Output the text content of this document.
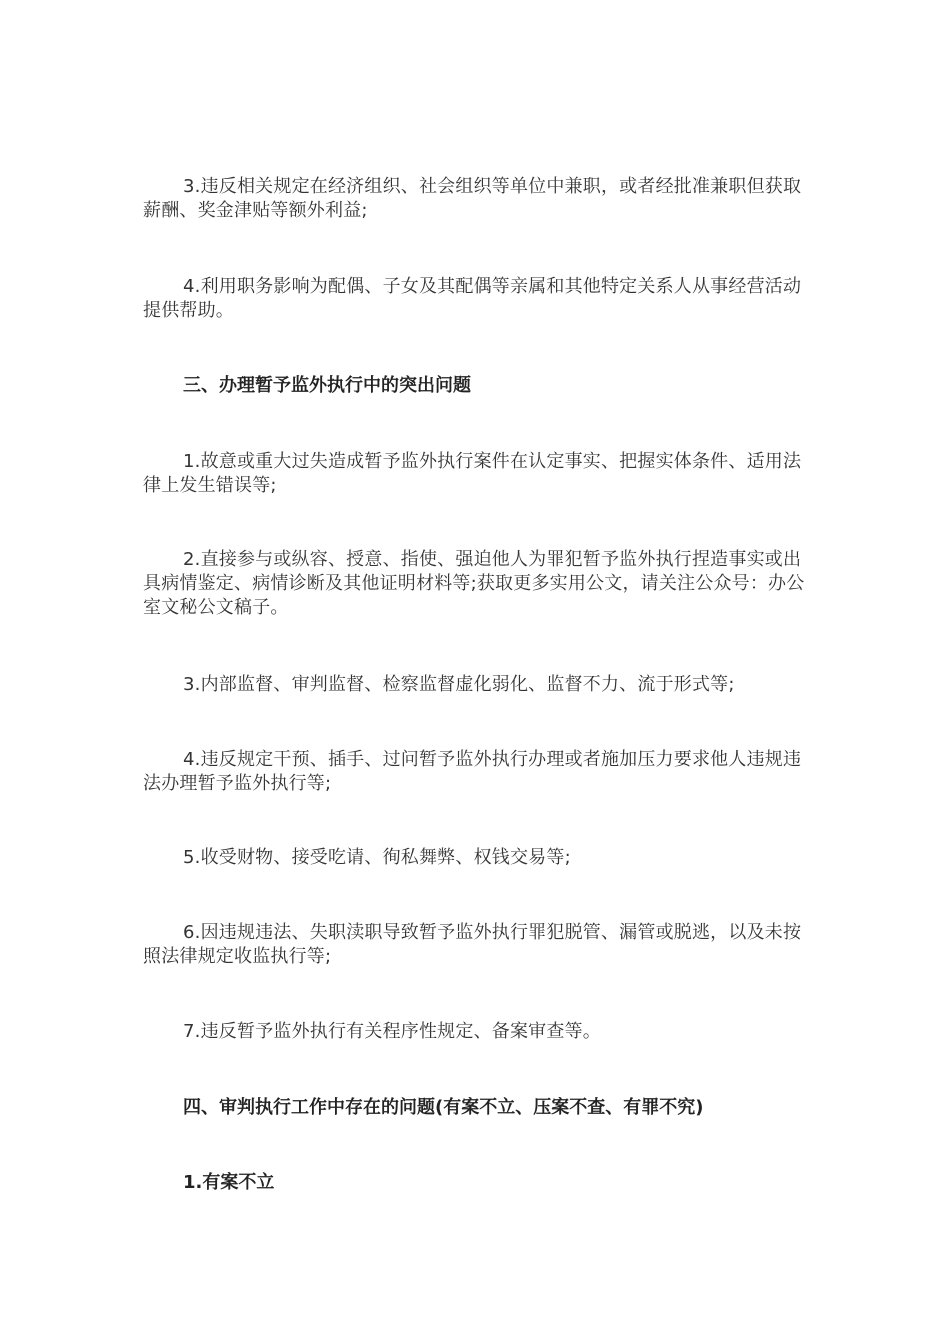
3.违反相关规定在经济组织、社会组织等单位中兼职，或者经批准兼职但获取薪酬、奖金津贴等额外利益;

4.利用职务影响为配偶、子女及其配偶等亲属和其他特定关系人从事经营活动提供帮助。

三、办理暂予监外执行中的突出问题

1.故意或重大过失造成暂予监外执行案件在认定事实、把握实体条件、适用法律上发生错误等;

2.直接参与或纵容、授意、指使、强迫他人为罪犯暂予监外执行捏造事实或出具病情鉴定、病情诊断及其他证明材料等;获取更多实用公文，请关注公众号：办公室文秘公文稿子。

3.内部监督、审判监督、检察监督虚化弱化、监督不力、流于形式等;

4.违反规定干预、插手、过问暂予监外执行办理或者施加压力要求他人违规违法办理暂予监外执行等;

5.收受财物、接受吃请、徇私舞弊、权钱交易等;

6.因违规违法、失职渎职导致暂予监外执行罪犯脱管、漏管或脱逃，以及未按照法律规定收监执行等;

7.违反暂予监外执行有关程序性规定、备案审查等。

四、审判执行工作中存在的问题(有案不立、压案不查、有罪不究)

1.有案不立
